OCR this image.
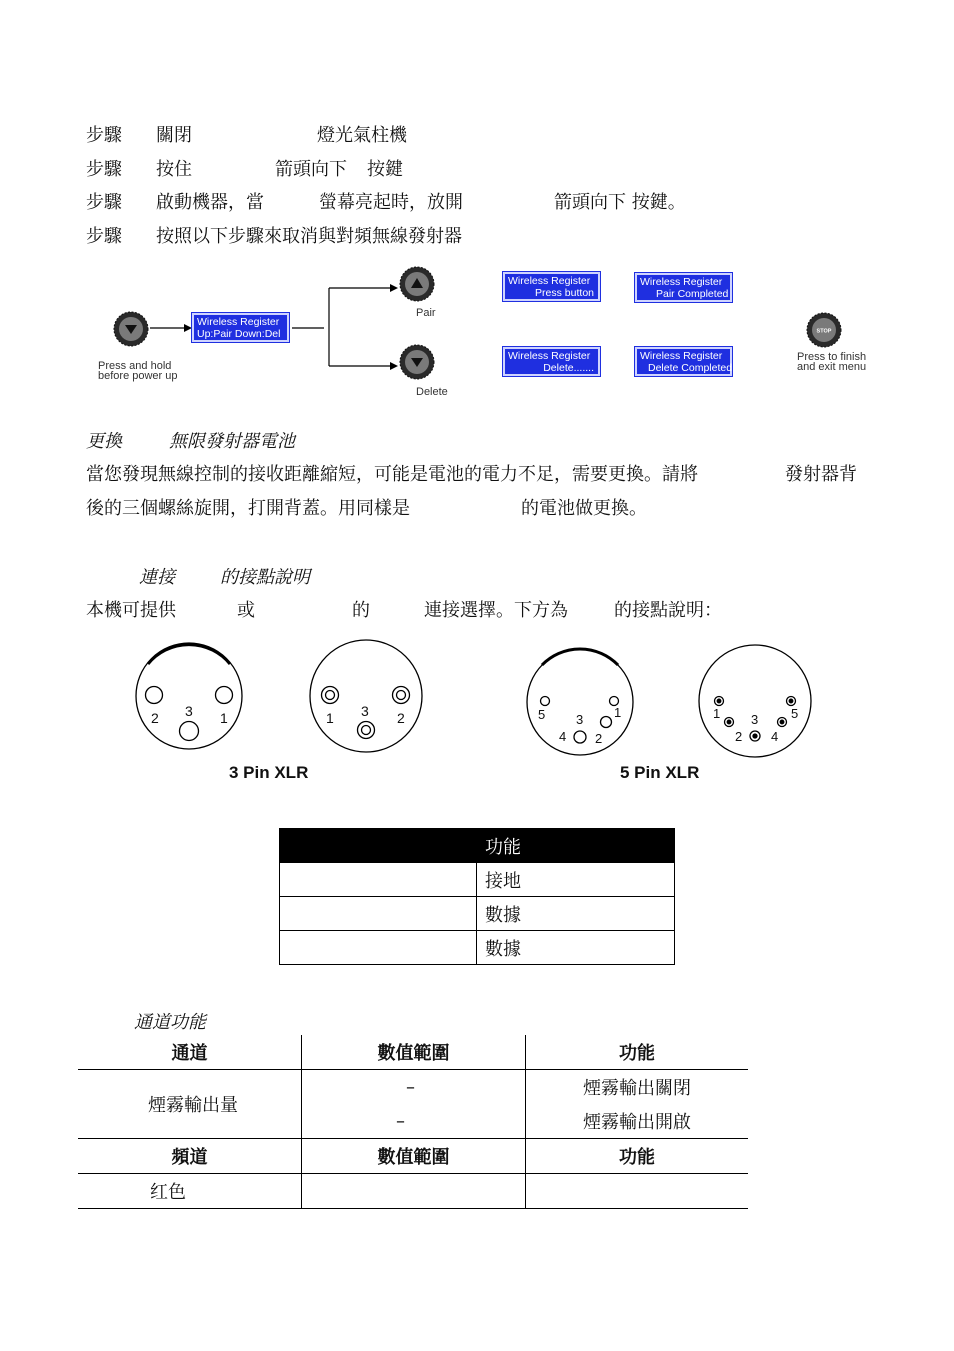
步驟 關閉	燈光氣柱機
步驟 按住	箭頭向下 按鍵
步驟 啟動機器，當	螢幕亮起時，放開	箭頭向下 按鍵。
步驟 按照以下步驟來取消與對頻無線發射器
Press and hold
before power up
Wireless Register
Up:Pair Down:Del
Pair
Delete
Wireless Register
Press button
Wireless Register
Pair Completed
Wireless Register
Delete.......
Wireless Register
Delete Completed
STOP
Press to finish
and exit menu
更換	無限發射器電池
當您發現無線控制的接收距離縮短，可能是電池的電力不足，需要更換。請將	發射器背
後的三個螺絲旋開，打開背蓋。用同樣是	的電池做更換。
連接	的接點說明
本機可提供	或	的	連接選擇。下方為	的接點說明：
2 3 1	1 3 2	5 3 1
4 2
1 3	5
2 4
3 Pin XLR	5 Pin XLR
	功能
	接地
	數據
	數據
通道功能
通道	數值範圍	功能
煙霧輸出量	–	煙霧輸出關閉
	–	煙霧輸出開啟
頻道	數值範圍	功能
红色		
